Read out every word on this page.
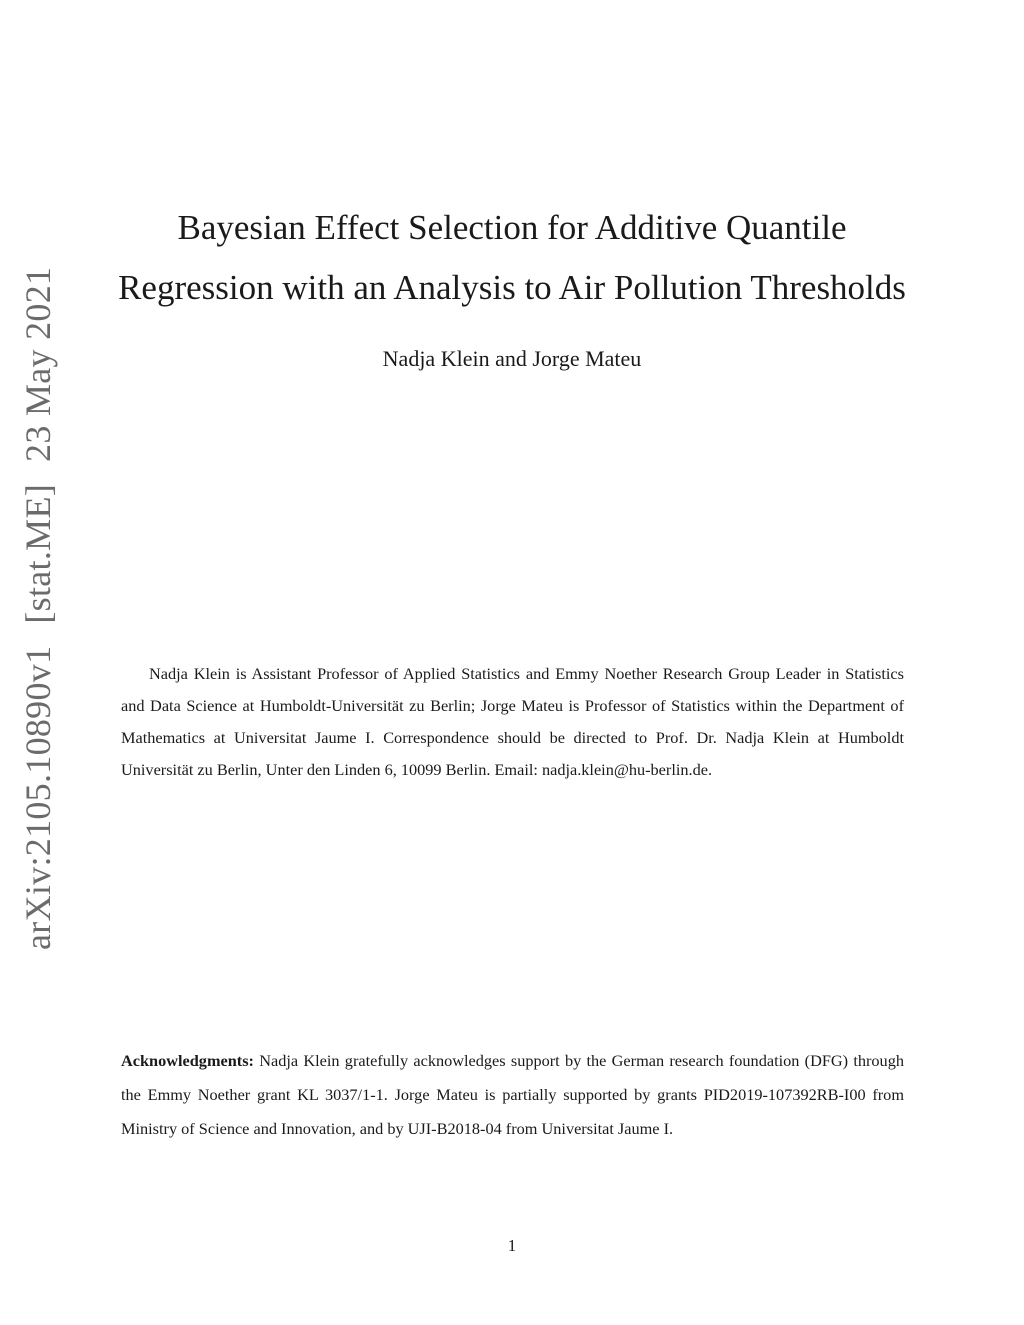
arXiv:2105.10890v1[stat.ME]23 May 2021
Bayesian Effect Selection for Additive Quantile
Regression with an Analysis to Air Pollution Thresholds
Nadja Klein and Jorge Mateu

Nadja Klein is Assistant Professor of Applied Statistics and Emmy Noether Research Group Leader in Statistics and Data Science at Humboldt-Universität zu Berlin; Jorge Mateu is Professor of Statistics within the Department of Mathematics at Universitat Jaume I. Correspondence should be directed to Prof. Dr. Nadja Klein at Humboldt Universität zu Berlin, Unter den Linden 6, 10099 Berlin. Email: nadja.klein@hu-berlin.de.

Acknowledgments: Nadja Klein gratefully acknowledges support by the German research foundation (DFG) through the Emmy Noether grant KL 3037/1-1. Jorge Mateu is partially supported by grants PID2019-107392RB-I00 from Ministry of Science and Innovation, and by UJI-B2018-04 from Universitat Jaume I.

1
